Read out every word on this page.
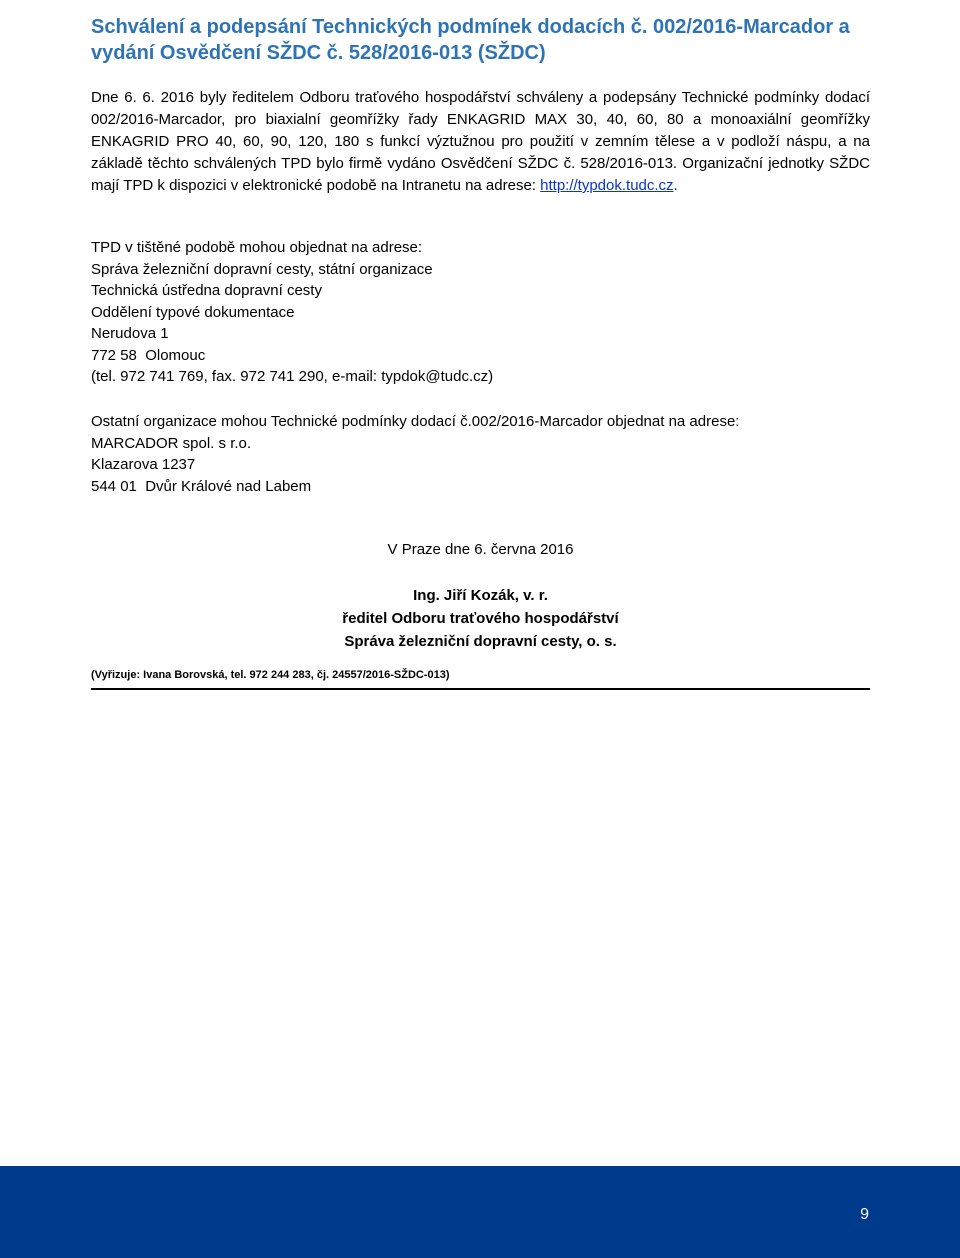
Schválení a podepsání Technických podmínek dodacích č. 002/2016-Marcador a vydání Osvědčení SŽDC č. 528/2016-013 (SŽDC)

Dne 6. 6. 2016 byly ředitelem Odboru traťového hospodářství schváleny a podepsány Technické podmínky dodací 002/2016-Marcador, pro biaxialní geomřížky řady ENKAGRID MAX 30, 40, 60, 80 a monoaxiální geomřížky ENKAGRID PRO 40, 60, 90, 120, 180 s funkcí výztužnou pro použití v zemním tělese a v podloží náspu, a na základě těchto schválených TPD bylo firmě vydáno Osvědčení SŽDC č. 528/2016-013. Organizační jednotky SŽDC mají TPD k dispozici v elektronické podobě na Intranetu na adrese: http://typdok.tudc.cz.

TPD v tištěné podobě mohou objednat na adrese:
Správa železniční dopravní cesty, státní organizace
Technická ústředna dopravní cesty
Oddělení typové dokumentace
Nerudova 1
772 58  Olomouc
(tel. 972 741 769, fax. 972 741 290, e-mail: typdok@tudc.cz)
Ostatní organizace mohou Technické podmínky dodací č.002/2016-Marcador objednat na adrese:
MARCADOR spol. s r.o.
Klazarova 1237
544 01  Dvůr Králové nad Labem
V Praze dne 6. června 2016
Ing. Jiří Kozák, v. r.
ředitel Odboru traťového hospodářství
Správa železniční dopravní cesty, o. s.
(Vyřizuje: Ivana Borovská, tel. 972 244 283, čj. 24557/2016-SŽDC-013)
9
